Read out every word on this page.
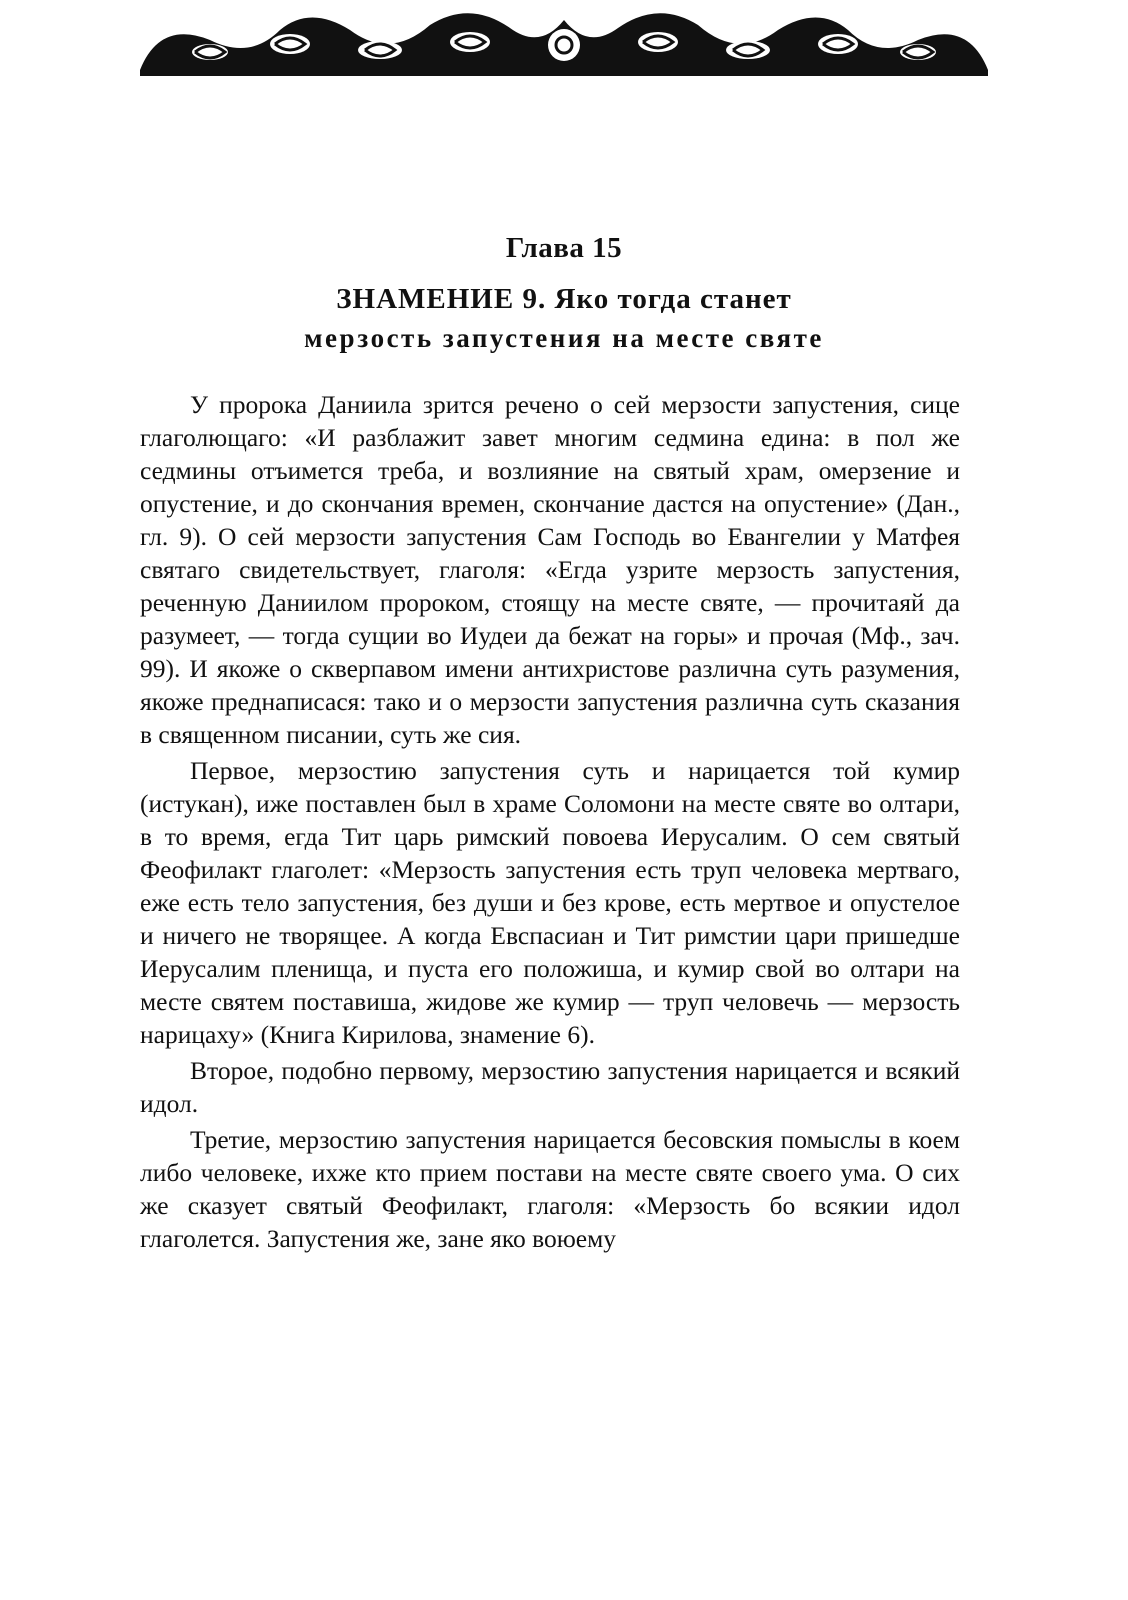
Глава 15
ЗНАМЕНИЕ 9. Яко тогда станет
мерзость запустения на месте святе

У пророка Даниила зрится речено о сей мерзости запустения, сице глаголющаго: «И разблажит завет многим седмина едина: в пол же седмины отъимется треба, и возлияние на святый храм, омерзение и опустение, и до скончания времен, скончание дастся на опустение» (Дан., гл. 9). О сей мерзости запустения Сам Господь во Евангелии у Матфея святаго свидетельствует, глаголя: «Егда узрите мерзость запустения, реченную Даниилом пророком, стоящу на месте святе, — прочитаяй да разумеет, — тогда сущии во Иудеи да бежат на горы» и прочая (Мф., зач. 99). И якоже о скверпавом имени антихристове различна суть разумения, якоже преднаписася: тако и о мерзости запустения различна суть сказания в священном писании, суть же сия.

Первое, мерзостию запустения суть и нарицается той кумир (истукан), иже поставлен был в храме Соломони на месте святе во олтари, в то время, егда Тит царь римский повоева Иерусалим. О сем святый Феофилакт глаголет: «Мерзость запустения есть труп человека мертваго, еже есть тело запустения, без души и без крове, есть мертвое и опустелое и ничего не творящее. А когда Евспасиан и Тит римстии цари пришедше Иерусалим пленища, и пуста его положиша, и кумир свой во олтари на месте святем поставиша, жидове же кумир — труп человечь — мерзость нарицаху» (Книга Кирилова, знамение 6).

Второе, подобно первому, мерзостию запустения нарицается и всякий идол.

Третие, мерзостию запустения нарицается бесовския помыслы в коем либо человеке, ихже кто прием постави на месте святе своего ума. О сих же сказует святый Феофилакт, глаголя: «Мерзость бо всякии идол глаголется. Запустения же, зане яко воюему
